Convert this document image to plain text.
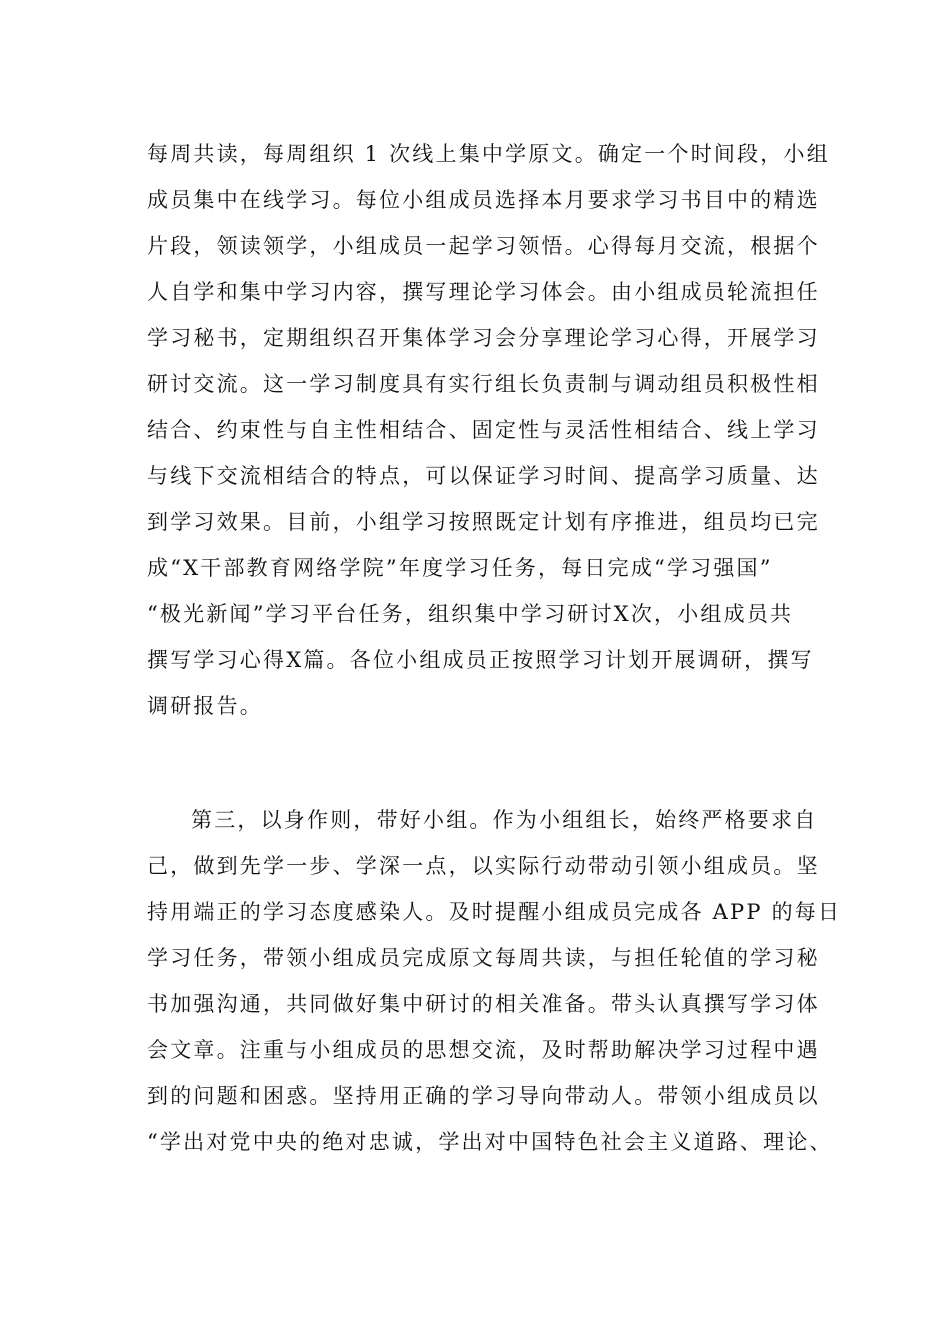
每周共读，每周组织 1 次线上集中学原文。确定一个时间段，小组
成员集中在线学习。每位小组成员选择本月要求学习书目中的精选
片段，领读领学，小组成员一起学习领悟。心得每月交流，根据个
人自学和集中学习内容，撰写理论学习体会。由小组成员轮流担任
学习秘书，定期组织召开集体学习会分享理论学习心得，开展学习
研讨交流。这一学习制度具有实行组长负责制与调动组员积极性相
结合、约束性与自主性相结合、固定性与灵活性相结合、线上学习
与线下交流相结合的特点，可以保证学习时间、提高学习质量、达
到学习效果。目前，小组学习按照既定计划有序推进，组员均已完
成“X干部教育网络学院”年度学习任务，每日完成“学习强国”
“极光新闻”学习平台任务，组织集中学习研讨X次，小组成员共
撰写学习心得X篇。各位小组成员正按照学习计划开展调研，撰写
调研报告。
第三，以身作则，带好小组。作为小组组长，始终严格要求自
己，做到先学一步、学深一点，以实际行动带动引领小组成员。坚
持用端正的学习态度感染人。及时提醒小组成员完成各 APP 的每日
学习任务，带领小组成员完成原文每周共读，与担任轮值的学习秘
书加强沟通，共同做好集中研讨的相关准备。带头认真撰写学习体
会文章。注重与小组成员的思想交流，及时帮助解决学习过程中遇
到的问题和困惑。坚持用正确的学习导向带动人。带领小组成员以
“学出对党中央的绝对忠诚，学出对中国特色社会主义道路、理论、
